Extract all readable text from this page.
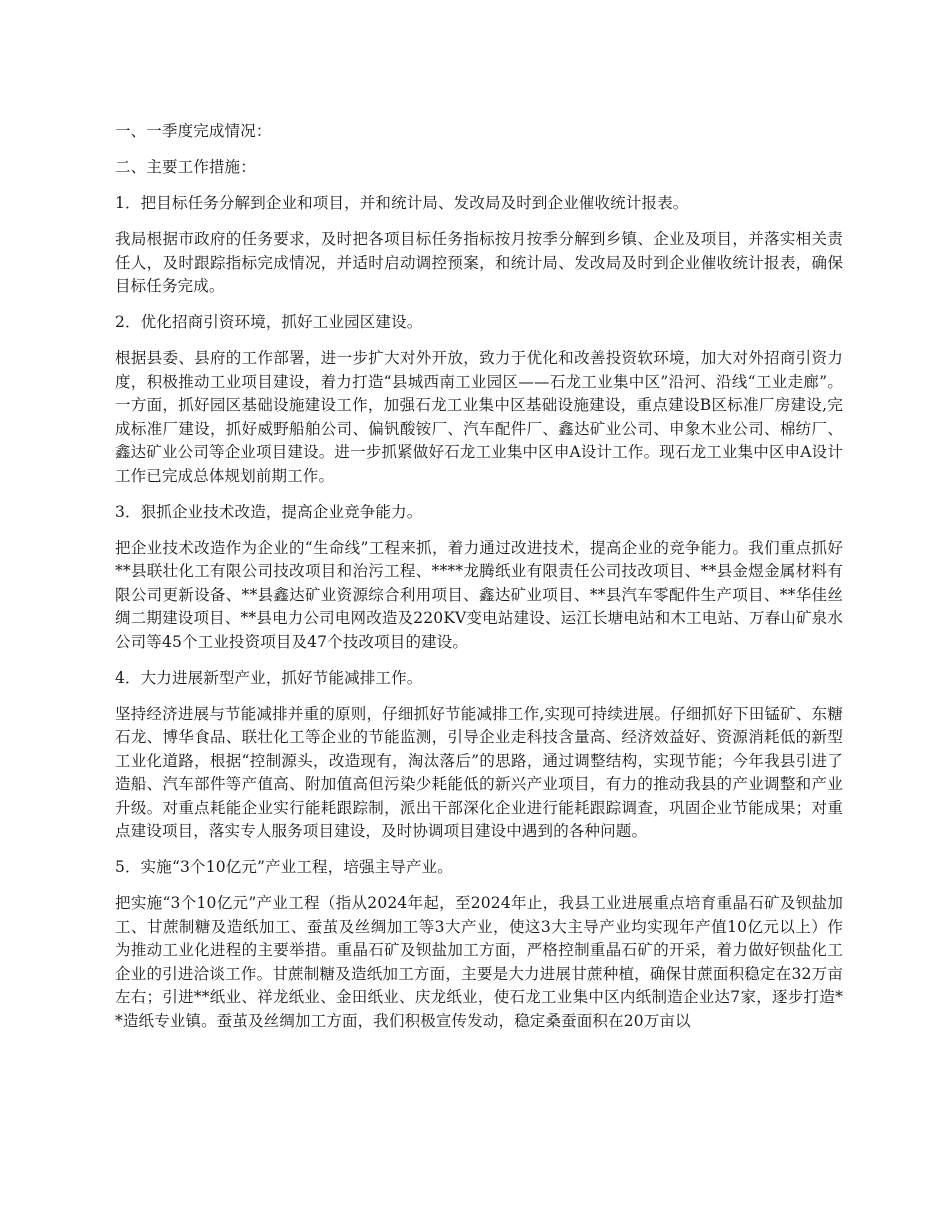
一、一季度完成情况：

二、主要工作措施：

1．把目标任务分解到企业和项目，并和统计局、发改局及时到企业催收统计报表。

我局根据市政府的任务要求，及时把各项目标任务指标按月按季分解到乡镇、企业及项目，并落实相关责任人，及时跟踪指标完成情况，并适时启动调控预案，和统计局、发改局及时到企业催收统计报表，确保目标任务完成。

2．优化招商引资环境，抓好工业园区建设。

根据县委、县府的工作部署，进一步扩大对外开放，致力于优化和改善投资软环境，加大对外招商引资力度，积极推动工业项目建设，着力打造“县城西南工业园区——石龙工业集中区”沿河、沿线“工业走廊”。一方面，抓好园区基础设施建设工作，加强石龙工业集中区基础设施建设，重点建设B区标准厂房建设,完成标准厂建设，抓好威野船舶公司、偏钒酸铵厂、汽车配件厂、鑫达矿业公司、申象木业公司、棉纺厂、鑫达矿业公司等企业项目建设。进一步抓紧做好石龙工业集中区申A设计工作。现石龙工业集中区申A设计工作已完成总体规划前期工作。

3．狠抓企业技术改造，提高企业竞争能力。

把企业技术改造作为企业的“生命线”工程来抓，着力通过改进技术，提高企业的竞争能力。我们重点抓好**县联壮化工有限公司技改项目和治污工程、****龙腾纸业有限责任公司技改项目、**县金煜金属材料有限公司更新设备、**县鑫达矿业资源综合利用项目、鑫达矿业项目、**县汽车零配件生产项目、**华佳丝绸二期建设项目、**县电力公司电网改造及220KV变电站建设、运江长塘电站和木工电站、万春山矿泉水公司等45个工业投资项目及47个技改项目的建设。

4．大力进展新型产业，抓好节能减排工作。

坚持经济进展与节能减排并重的原则，仔细抓好节能减排工作,实现可持续进展。仔细抓好下田锰矿、东糖石龙、博华食品、联壮化工等企业的节能监测，引导企业走科技含量高、经济效益好、资源消耗低的新型工业化道路，根据“控制源头，改造现有，淘汰落后”的思路，通过调整结构，实现节能；今年我县引进了造船、汽车部件等产值高、附加值高但污染少耗能低的新兴产业项目，有力的推动我县的产业调整和产业升级。对重点耗能企业实行能耗跟踪制，派出干部深化企业进行能耗跟踪调查，巩固企业节能成果；对重点建设项目，落实专人服务项目建设，及时协调项目建设中遇到的各种问题。

5．实施“3个10亿元”产业工程，培强主导产业。

把实施“3个10亿元”产业工程（指从2024年起，至2024年止，我县工业进展重点培育重晶石矿及钡盐加工、甘蔗制糖及造纸加工、蚕茧及丝绸加工等3大产业，使这3大主导产业均实现年产值10亿元以上）作为推动工业化进程的主要举措。重晶石矿及钡盐加工方面，严格控制重晶石矿的开采，着力做好钡盐化工企业的引进洽谈工作。甘蔗制糖及造纸加工方面，主要是大力进展甘蔗种植，确保甘蔗面积稳定在32万亩左右；引进**纸业、祥龙纸业、金田纸业、庆龙纸业，使石龙工业集中区内纸制造企业达7家，逐步打造**造纸专业镇。蚕茧及丝绸加工方面，我们积极宣传发动，稳定桑蚕面积在20万亩以
